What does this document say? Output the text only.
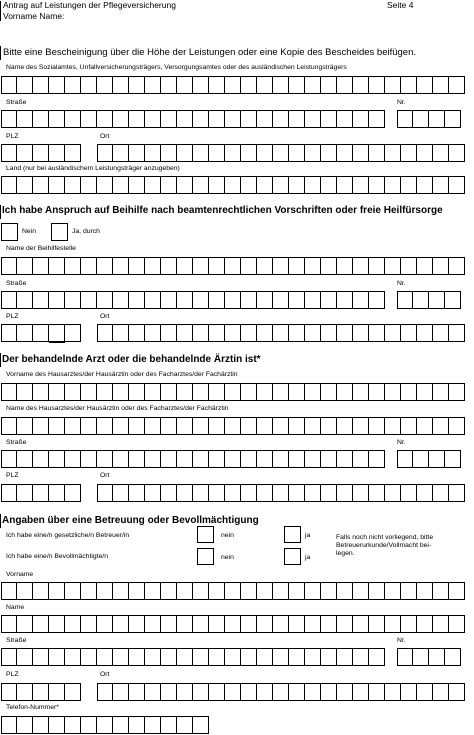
Antrag auf Leistungen der Pflegeversicherung	Seite 4
Vorname Name:
Bitte eine Bescheinigung über die Höhe der Leistungen oder eine Kopie des Bescheides beifügen.
Name des Sozialamtes, Unfallversicherungsträgers, Versorgungsamtes oder des ausländischen Leistungsträgers
Straße	Nr.
PLZ	Ort
Land (nur bei ausländischem Leistungsträger anzugeben)
Ich habe Anspruch auf Beihilfe nach beamtenrechtlichen Vorschriften oder freie Heilfürsorge
Nein	Ja, durch
Name der Beihilfestelle
Straße	Nr.
PLZ	Ort
Der behandelnde Arzt oder die behandelnde Ärztin ist*
Vorname des Hausarztes/der Hausärztin oder des Facharztes/der Fachärztin
Name des Hausarztes/der Hausärztin oder des Facharztes/der Fachärztin
Straße	Nr.
PLZ	Ort
Angaben über eine Betreuung oder Bevollmächtigung
Ich habe eine/n gesetzliche/n Betreuer/in	nein	ja
Ich habe eine/n Bevollmächtigte/n	nein	ja
Falls noch nicht vorliegend, bitte
Betreuerurkunde/Vollmacht bei-
legen.
Vorname
Name
Straße	Nr.
PLZ	Ort
Telefon-Nummer*
